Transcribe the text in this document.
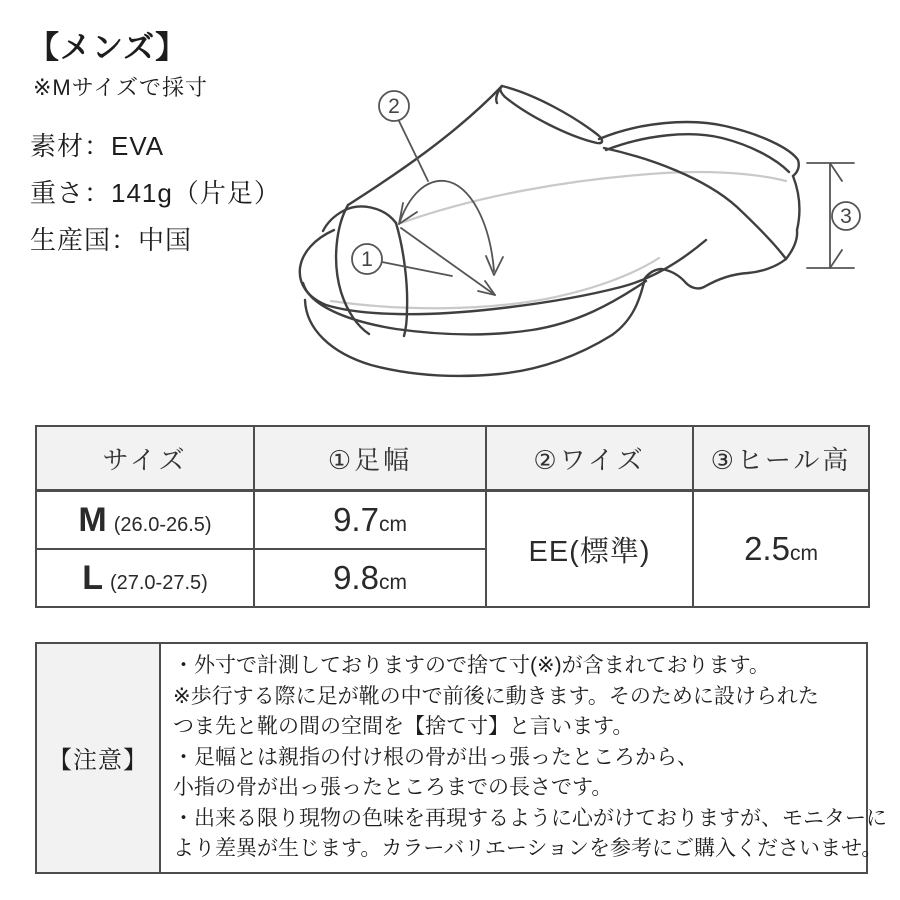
【メンズ】
※Mサイズで採寸
素材：EVA
重さ：141g（片足）
生産国：中国
1
2
3
サイズ	①足幅	②ワイズ	③ヒール高
M (26.0-26.5)	9.7cm	EE(標準)	2.5cm
L (27.0-27.5)	9.8cm		
【注意】	
・外寸で計測しておりますので捨て寸(※)が含まれております。
※歩行する際に足が靴の中で前後に動きます。そのために設けられた
つま先と靴の間の空間を【捨て寸】と言います。
・足幅とは親指の付け根の骨が出っ張ったところから、
小指の骨が出っ張ったところまでの長さです。
・出来る限り現物の色味を再現するように心がけておりますが、モニターに
より差異が生じます。カラーバリエーションを参考にご購入くださいませ。
